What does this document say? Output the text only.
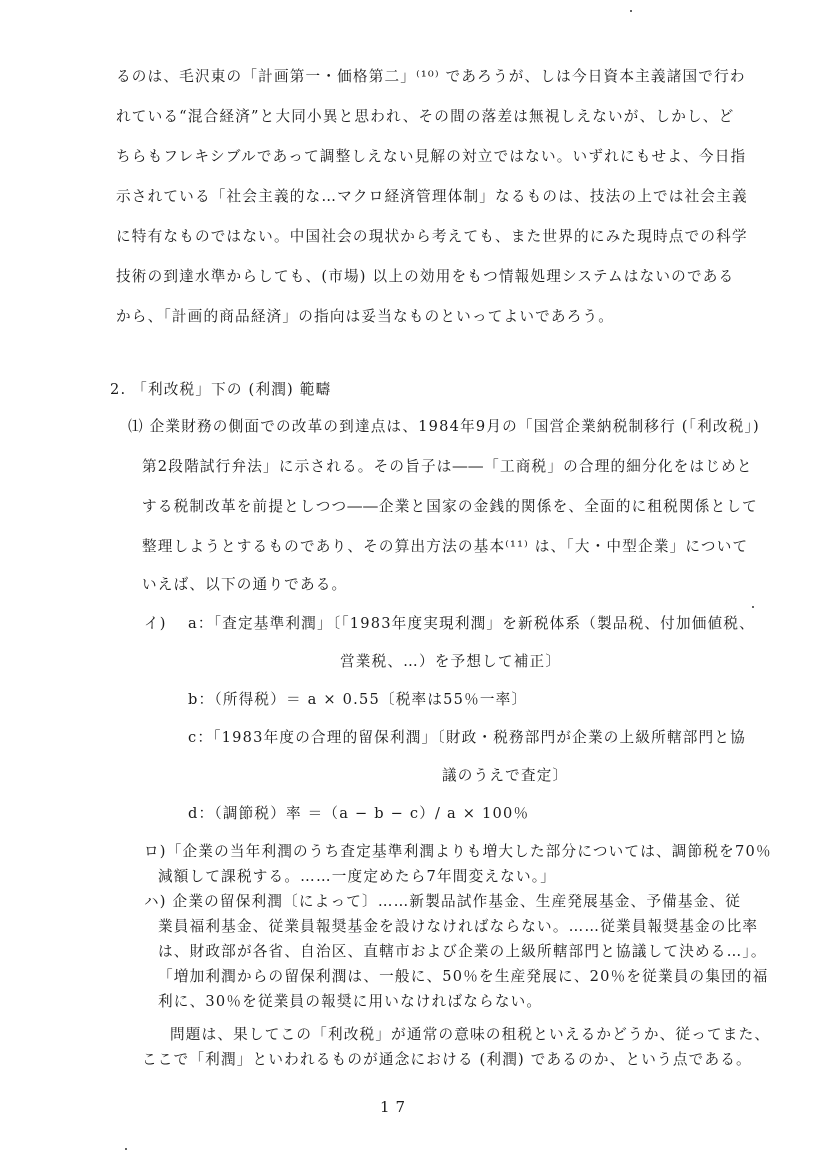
るのは、毛沢東の「計画第一・価格第二」⁽¹⁰⁾ であろうが、しは今日資本主義諸国で行わ
れている“混合経済”と大同小異と思われ、その間の落差は無視しえないが、しかし、ど
ちらもフレキシブルであって調整しえない見解の対立ではない。いずれにもせよ、今日指
示されている「社会主義的な…マクロ経済管理体制」なるものは、技法の上では社会主義
に特有なものではない。中国社会の現状から考えても、また世界的にみた現時点での科学
技術の到達水準からしても、(市場) 以上の効用をもつ情報処理システムはないのである
から、「計画的商品経済」の指向は妥当なものといってよいであろう。
2. 「利改税」下の (利潤) 範疇
⑴ 企業財務の側面での改革の到達点は、1984年9月の「国営企業納税制移行 (「利改税」)
第2段階試行弁法」に示される。その旨子は――「工商税」の合理的細分化をはじめと
する税制改革を前提としつつ――企業と国家の金銭的関係を、全面的に租税関係として
整理しようとするものであり、その算出方法の基本⁽¹¹⁾ は、「大・中型企業」について
いえば、以下の通りである。
イ) a：「査定基準利潤」〔「1983年度実現利潤」を新税体系（製品税、付加価値税、
営業税、…）を予想して補正〕
b：（所得税）＝ a × 0.55〔税率は55％一率〕
c：「1983年度の合理的留保利潤」〔財政・税務部門が企業の上級所轄部門と協
議のうえで査定〕
d：（調節税）率 ＝（a − b − c）/ a × 100％
ロ)「企業の当年利潤のうち査定基準利潤よりも増大した部分については、調節税を70％
減額して課税する。……一度定めたら7年間変えない。」
ハ) 企業の留保利潤〔によって〕……新製品試作基金、生産発展基金、予備基金、従
業員福利基金、従業員報奨基金を設けなければならない。……従業員報奨基金の比率
は、財政部が各省、自治区、直轄市および企業の上級所轄部門と協議して決める…」。
「増加利潤からの留保利潤は、一般に、50％を生産発展に、20％を従業員の集団的福
利に、30％を従業員の報奨に用いなければならない。
17
問題は、果してこの「利改税」が通常の意味の租税といえるかどうか、従ってまた、
ここで「利潤」といわれるものが通念における (利潤) であるのか、という点である。
